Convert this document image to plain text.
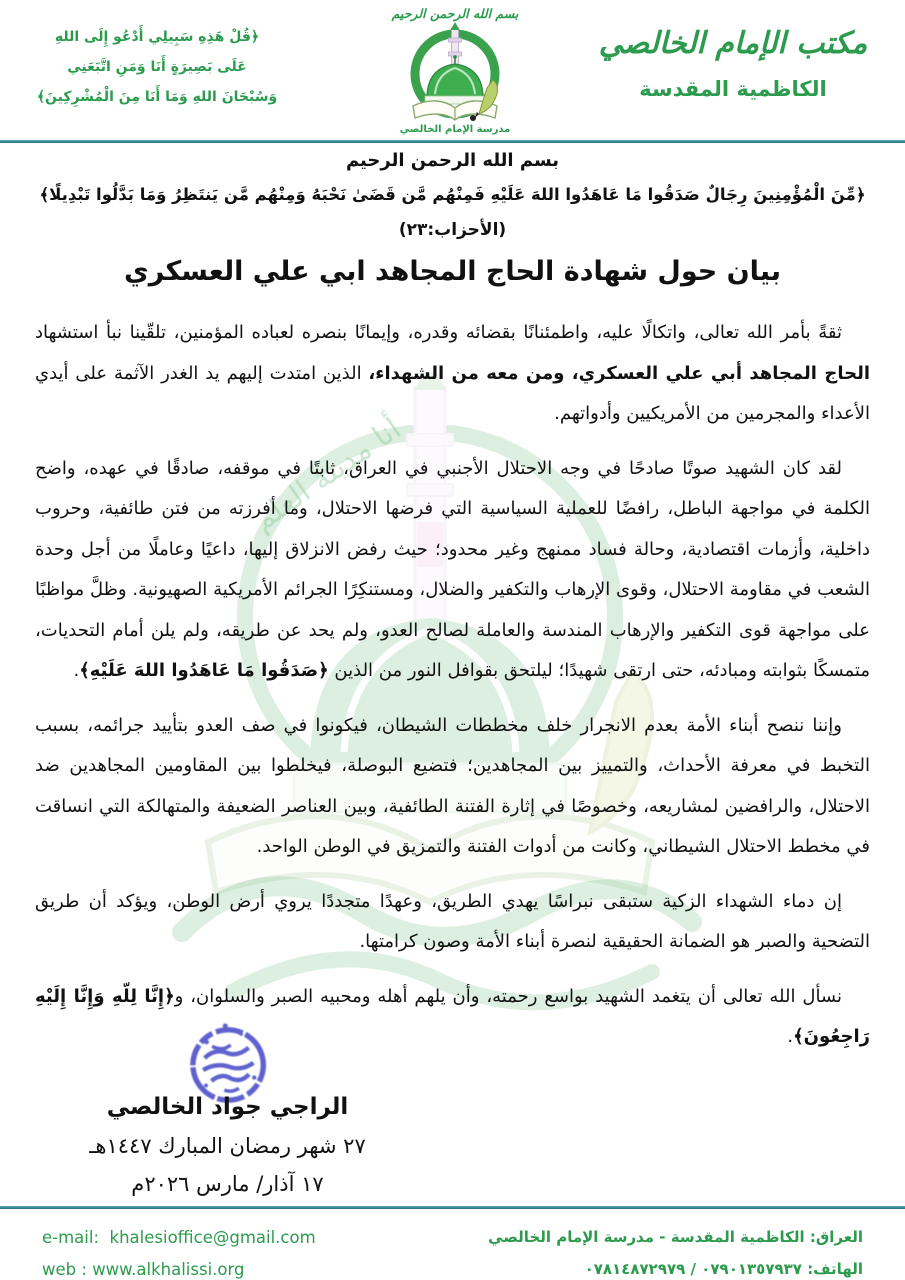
﴿قُلْ هَذِهِ سَبِيلِي أَدْعُو إِلَى اللهِ
عَلَى بَصِيرَةٍ أَنَا وَمَنِ اتَّبَعَنِي
وَسُبْحَانَ اللهِ وَمَا أَنَا مِنَ الْمُشْرِكِينَ﴾
بسم الله الرحمن الرحيم
مدرسة الإمام الخالصي
مكتب الإمام الخالصي
الكاظمية المقدسة
أنا مدينة العلم
بسم الله الرحمن الرحيم
﴿مِّنَ الْمُؤْمِنِينَ رِجَالٌ صَدَقُوا مَا عَاهَدُوا اللهَ عَلَيْهِ فَمِنْهُم مَّن قَضَىٰ نَحْبَهُ وَمِنْهُم مَّن يَنتَظِرُ وَمَا بَدَّلُوا تَبْدِيلًا﴾
(الأحزاب:٢٣)
بيان حول شهادة الحاج المجاهد ابي علي العسكري

ثقةً بأمر الله تعالى، واتكالًا عليه، واطمئنانًا بقضائه وقدره، وإيمانًا بنصره لعباده المؤمنين، تلقّينا نبأ استشهاد الحاج المجاهد أبي علي العسكري، ومن معه من الشهداء، الذين امتدت إليهم يد الغدر الآثمة على أيدي الأعداء والمجرمين من الأمريكيين وأدواتهم.

لقد كان الشهيد صوتًا صادحًا في وجه الاحتلال الأجنبي في العراق، ثابتًا في موقفه، صادقًا في عهده، واضح الكلمة في مواجهة الباطل، رافضًا للعملية السياسية التي فرضها الاحتلال، وما أفرزته من فتن طائفية، وحروب داخلية، وأزمات اقتصادية، وحالة فساد ممنهج وغير محدود؛ حيث رفض الانزلاق إليها، داعيًا وعاملًا من أجل وحدة الشعب في مقاومة الاحتلال، وقوى الإرهاب والتكفير والضلال، ومستنكِرًا الجرائم الأمريكية الصهيونية. وظلَّ مواظبًا على مواجهة قوى التكفير والإرهاب المندسة والعاملة لصالح العدو، ولم يحد عن طريقه، ولم يلن أمام التحديات، متمسكًا بثوابته ومبادئه، حتى ارتقى شهيدًا؛ ليلتحق بقوافل النور من الذين ﴿صَدَقُوا مَا عَاهَدُوا اللهَ عَلَيْهِ﴾.

وإننا ننصح أبناء الأمة بعدم الانجرار خلف مخططات الشيطان، فيكونوا في صف العدو بتأييد جرائمه، بسبب التخبط في معرفة الأحداث، والتمييز بين المجاهدين؛ فتضيع البوصلة، فيخلطوا بين المقاومين المجاهدين ضد الاحتلال، والرافضين لمشاريعه، وخصوصًا في إثارة الفتنة الطائفية، وبين العناصر الضعيفة والمتهالكة التي انساقت في مخطط الاحتلال الشيطاني، وكانت من أدوات الفتنة والتمزيق في الوطن الواحد.

إن دماء الشهداء الزكية ستبقى نبراسًا يهدي الطريق، وعهدًا متجددًا يروي أرض الوطن، ويؤكد أن طريق التضحية والصبر هو الضمانة الحقيقية لنصرة أبناء الأمة وصون كرامتها.

نسأل الله تعالى أن يتغمد الشهيد بواسع رحمته، وأن يلهم أهله ومحبيه الصبر والسلوان، و﴿إِنَّا لِلّهِ وَإِنَّا إِلَيْهِ رَاجِعُونَ﴾.

الراجي جواد الخالصي
٢٧ شهر رمضان المبارك ١٤٤٧هـ
١٧ آذار/ مارس ٢٠٢٦م
e-mail: khalesioffice@gmail.com
web : www.alkhalissi.org
العراق: الكاظمية المقدسة - مدرسة الإمام الخالصي
الهاتف: ٠٧٩٠١٣٥٧٩٣٧ / ٠٧٨١٤٨٧٢٩٧٩
